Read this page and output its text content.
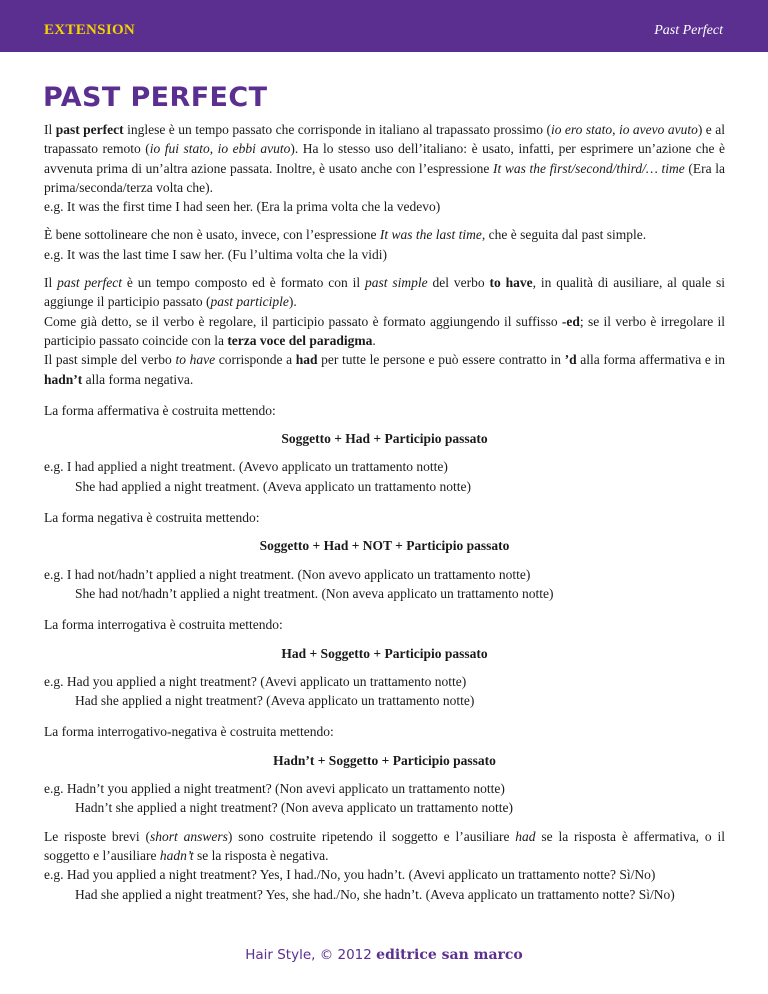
EXTENSION	Past Perfect
PAST PERFECT

Il past perfect inglese è un tempo passato che corrisponde in italiano al trapassato prossimo (io ero stato, io avevo avuto) e al trapassato remoto (io fui stato, io ebbi avuto). Ha lo stesso uso dell’italiano: è usato, infatti, per esprimere un’azione che è avvenuta prima di un’altra azione passata. Inoltre, è usato anche con l’espressione It was the first/second/third/… time (Era la prima/seconda/terza volta che).

e.g. It was the first time I had seen her. (Era la prima volta che la vedevo)

È bene sottolineare che non è usato, invece, con l’espressione It was the last time, che è seguita dal past simple.

e.g. It was the last time I saw her. (Fu l’ultima volta che la vidi)

Il past perfect è un tempo composto ed è formato con il past simple del verbo to have, in qualità di ausiliare, al quale si aggiunge il participio passato (past participle).

Come già detto, se il verbo è regolare, il participio passato è formato aggiungendo il suffisso -ed; se il verbo è irregolare il participio passato coincide con la terza voce del paradigma.

Il past simple del verbo to have corrisponde a had per tutte le persone e può essere contratto in ’d alla forma affermativa e in hadn’t alla forma negativa.

La forma affermativa è costruita mettendo:

Soggetto + Had + Participio passato

e.g. I had applied a night treatment. (Avevo applicato un trattamento notte)

She had applied a night treatment. (Aveva applicato un trattamento notte)

La forma negativa è costruita mettendo:

Soggetto + Had + NOT + Participio passato

e.g. I had not/hadn’t applied a night treatment. (Non avevo applicato un trattamento notte)

She had not/hadn’t applied a night treatment. (Non aveva applicato un trattamento notte)

La forma interrogativa è costruita mettendo:

Had + Soggetto + Participio passato

e.g. Had you applied a night treatment? (Avevi applicato un trattamento notte)

Had she applied a night treatment? (Aveva applicato un trattamento notte)

La forma interrogativo-negativa è costruita mettendo:

Hadn’t + Soggetto + Participio passato

e.g. Hadn’t you applied a night treatment? (Non avevi applicato un trattamento notte)

Hadn’t she applied a night treatment? (Non aveva applicato un trattamento notte)

Le risposte brevi (short answers) sono costruite ripetendo il soggetto e l’ausiliare had se la risposta è affermativa, o il soggetto e l’ausiliare hadn’t se la risposta è negativa.

e.g. Had you applied a night treatment? Yes, I had./No, you hadn’t. (Avevi applicato un trattamento notte? Sì/No)

Had she applied a night treatment? Yes, she had./No, she hadn’t. (Aveva applicato un trattamento notte? Sì/No)

Hair Style, © 2012 editrice san marco
